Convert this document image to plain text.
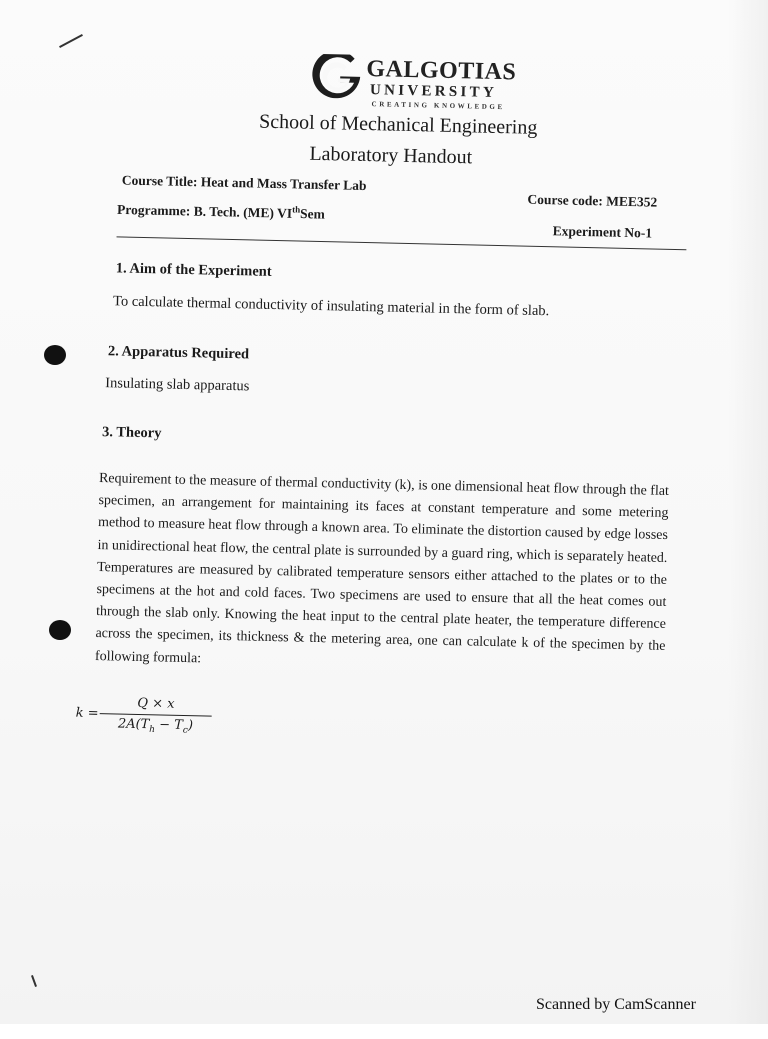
GALGOTIAS
UNIVERSITY
CREATING KNOWLEDGE
School of Mechanical Engineering
Laboratory Handout
Course Title: Heat and Mass Transfer Lab
Course code: MEE352
Programme: B. Tech. (ME) VIthSem
Experiment No-1
1. Aim of the Experiment
To calculate thermal conductivity of insulating material in the form of slab.
2. Apparatus Required
Insulating slab apparatus
3. Theory
Requirement to the measure of thermal conductivity (k), is one dimensional heat flow through the flat specimen, an arrangement for maintaining its faces at constant temperature and some metering method to measure heat flow through a known area. To eliminate the distortion caused by edge losses in unidirectional heat flow, the central plate is surrounded by a guard ring, which is separately heated. Temperatures are measured by calibrated temperature sensors either attached to the plates or to the specimens at the hot and cold faces. Two specimens are used to ensure that all the heat comes out through the slab only. Knowing the heat input to the central plate heater, the temperature difference across the specimen, its thickness & the metering area, one can calculate k of the specimen by the following formula:
k =
Q × x
$2A(T_h - T_c)$
Scanned by CamScanner
